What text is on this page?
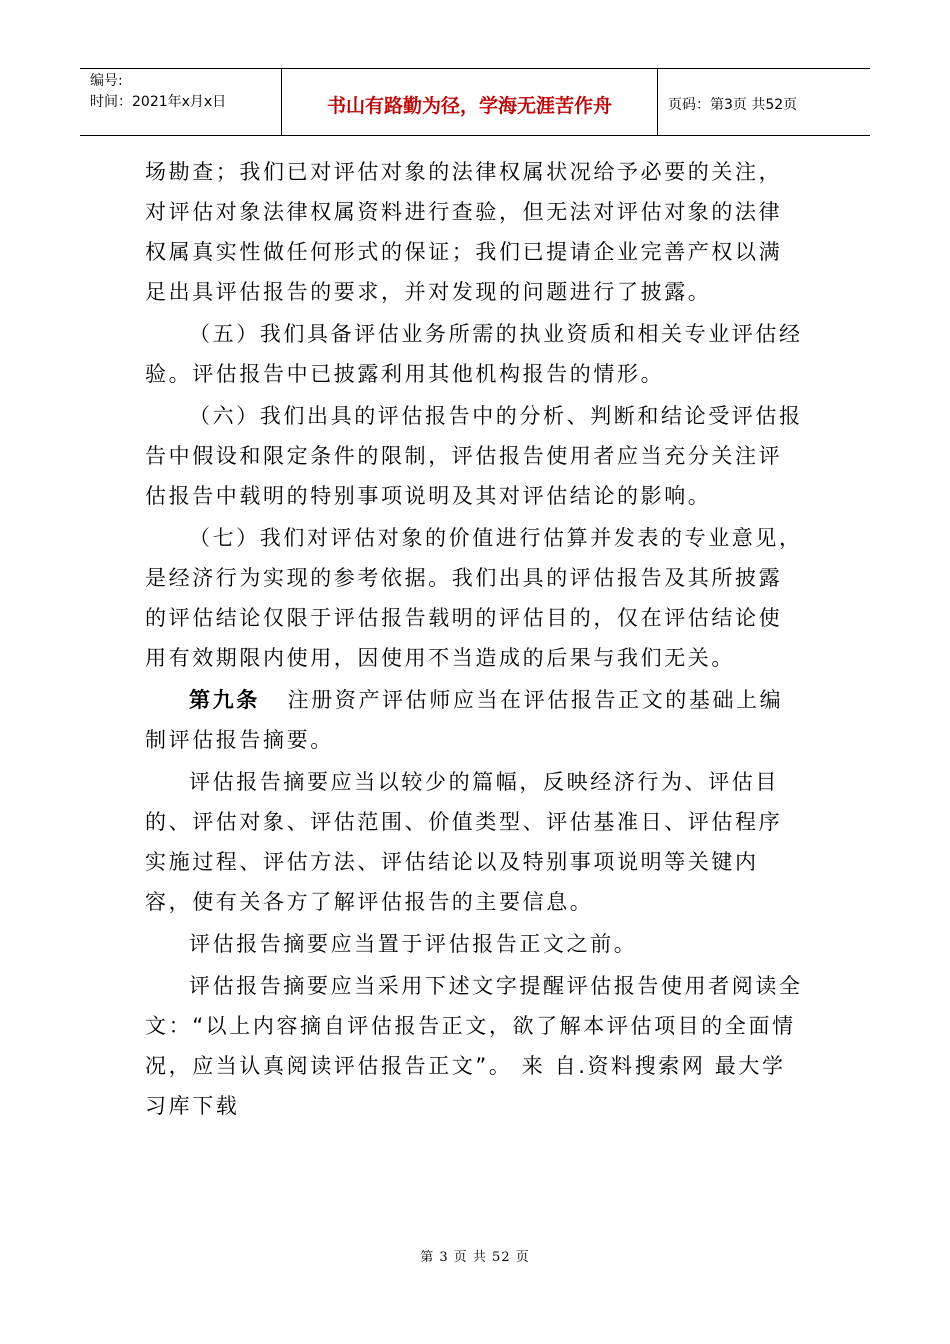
编号:
时间：2021年x月x日	书山有路勤为径，学海无涯苦作舟	页码：第3页 共52页

场勘查；我们已对评估对象的法律权属状况给予必要的关注，对评估对象法律权属资料进行查验，但无法对评估对象的法律权属真实性做任何形式的保证；我们已提请企业完善产权以满足出具评估报告的要求，并对发现的问题进行了披露。

（五）我们具备评估业务所需的执业资质和相关专业评估经验。评估报告中已披露利用其他机构报告的情形。

（六）我们出具的评估报告中的分析、判断和结论受评估报告中假设和限定条件的限制，评估报告使用者应当充分关注评估报告中载明的特别事项说明及其对评估结论的影响。

（七）我们对评估对象的价值进行估算并发表的专业意见，是经济行为实现的参考依据。我们出具的评估报告及其所披露的评估结论仅限于评估报告载明的评估目的，仅在评估结论使用有效期限内使用，因使用不当造成的后果与我们无关。

第九条 注册资产评估师应当在评估报告正文的基础上编制评估报告摘要。

评估报告摘要应当以较少的篇幅，反映经济行为、评估目的、评估对象、评估范围、价值类型、评估基准日、评估程序实施过程、评估方法、评估结论以及特别事项说明等关键内容，使有关各方了解评估报告的主要信息。

评估报告摘要应当置于评估报告正文之前。

评估报告摘要应当采用下述文字提醒评估报告使用者阅读全文：“以上内容摘自评估报告正文，欲了解本评估项目的全面情况，应当认真阅读评估报告正文”。 来 自.资料搜索网 最大学习库下载

第 3 页 共 52 页
